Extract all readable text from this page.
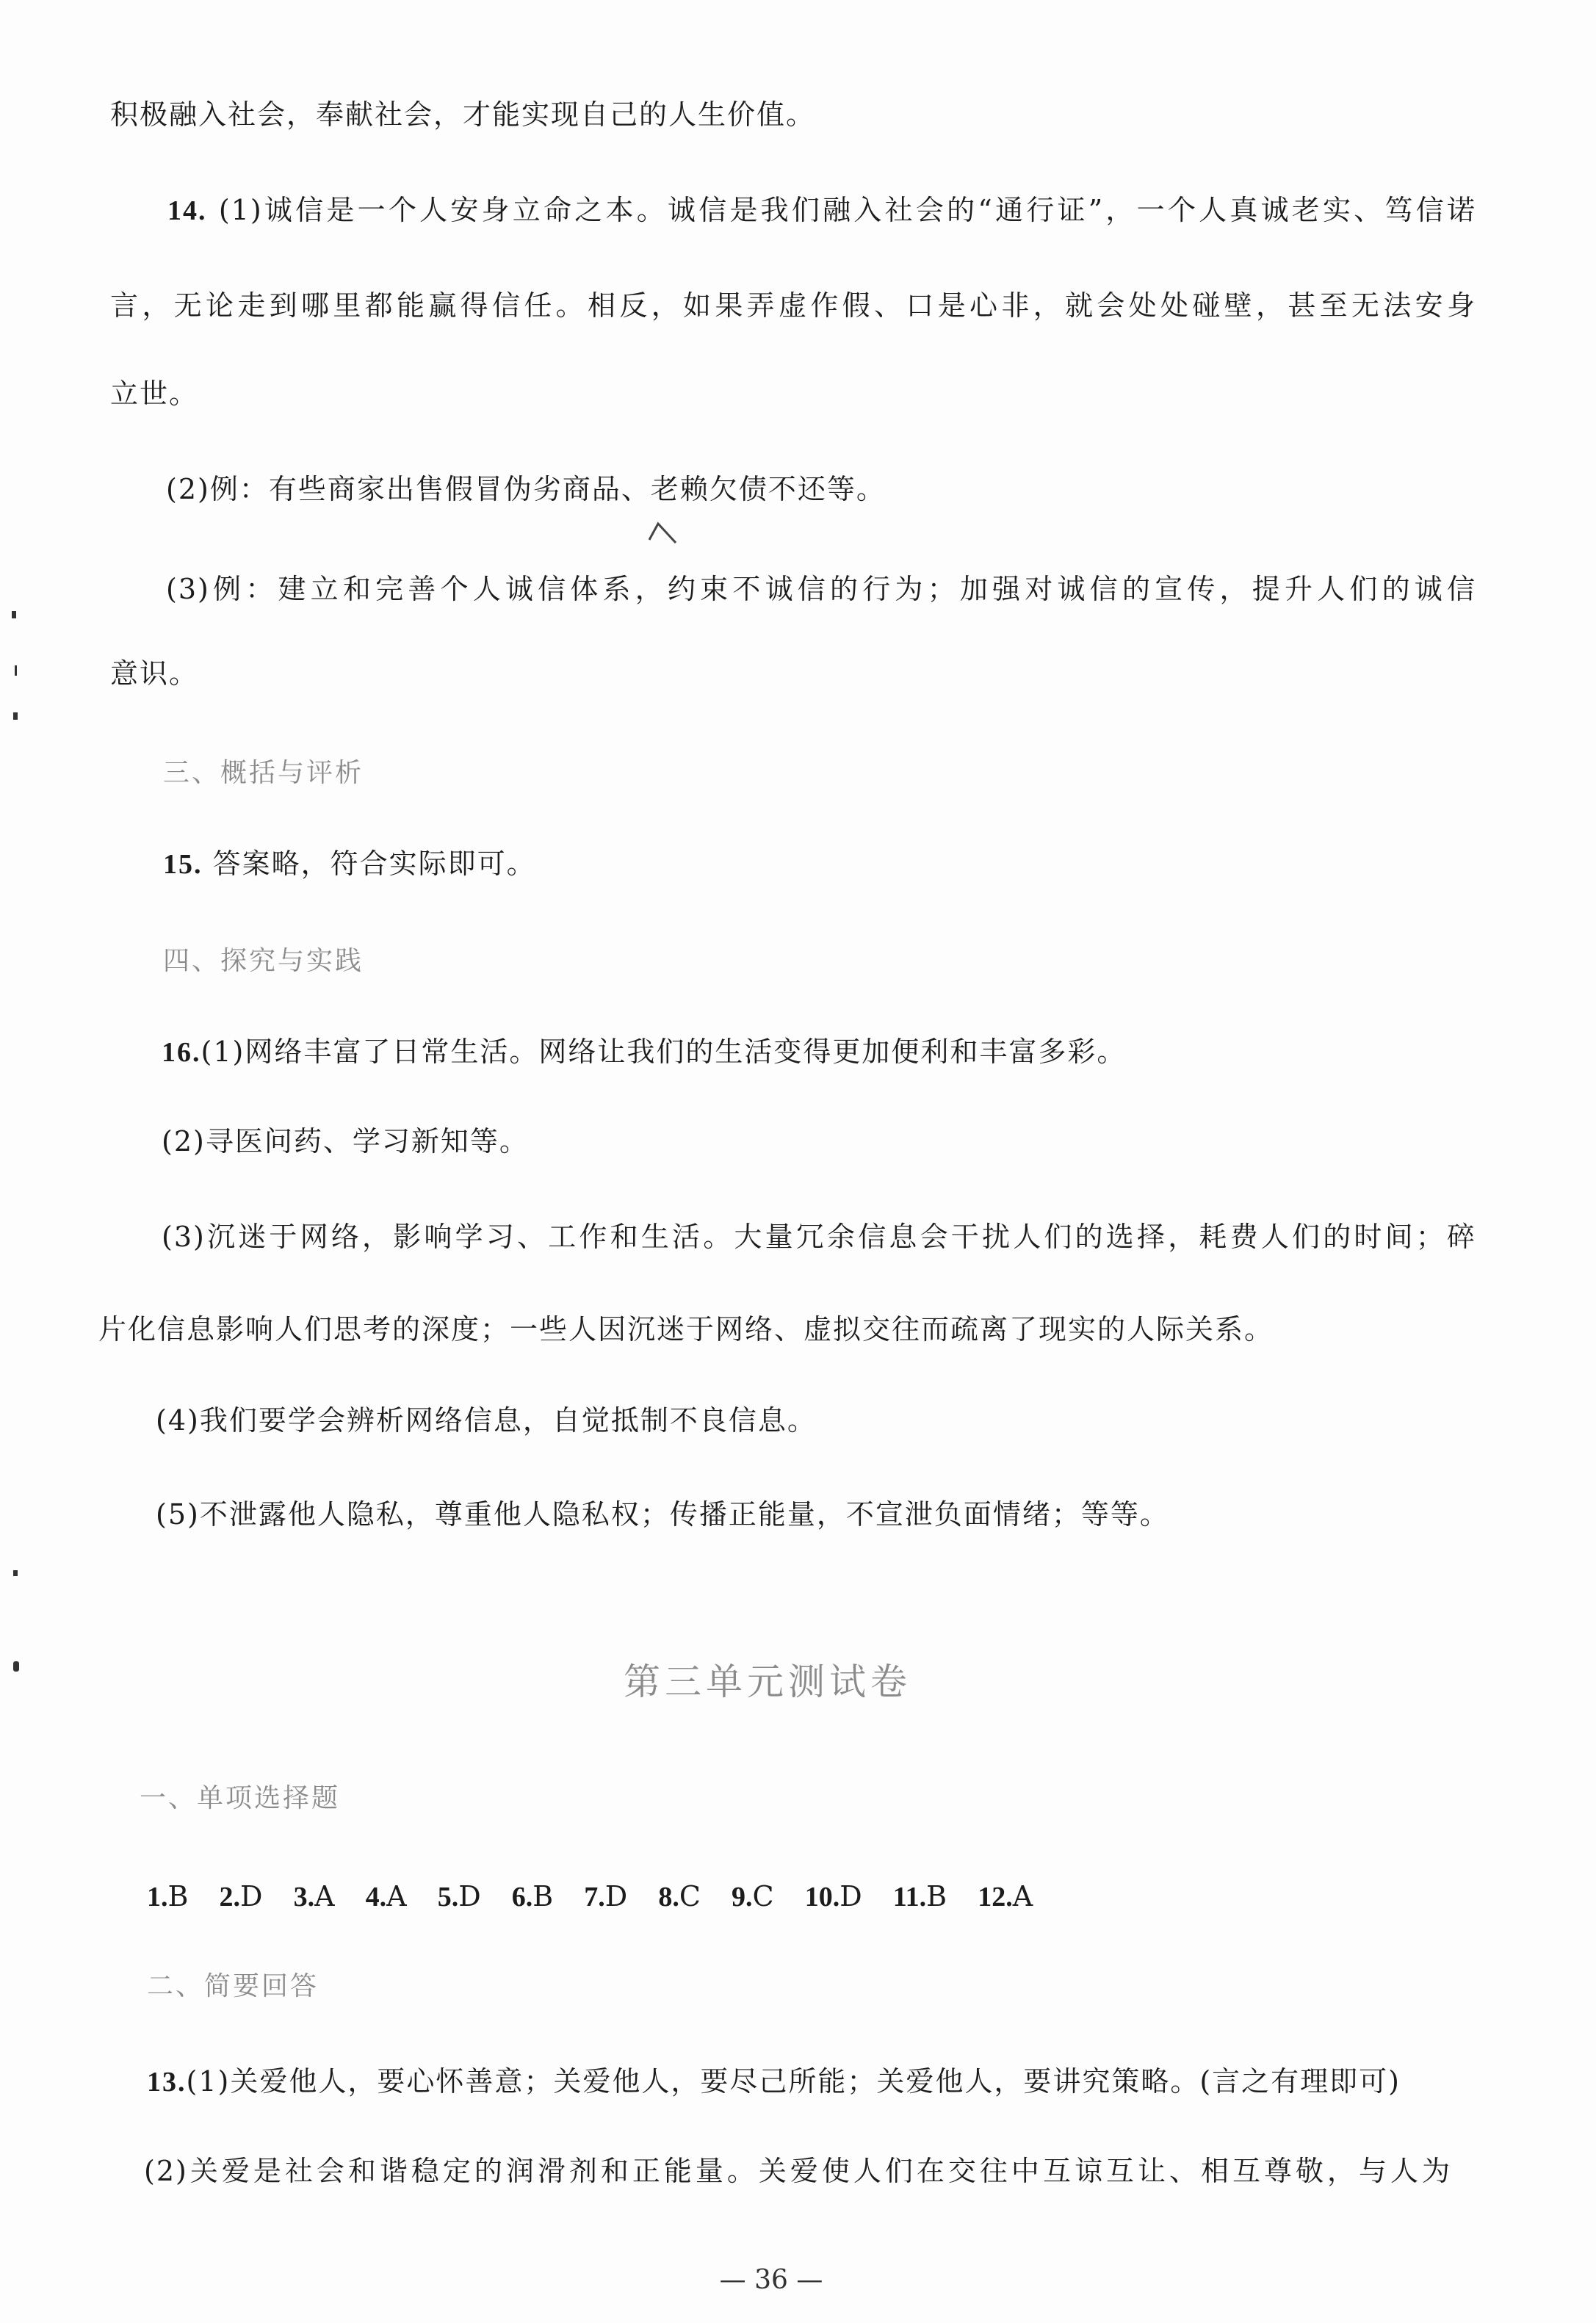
积极融入社会，奉献社会，才能实现自己的人生价值。
14. (1)诚信是一个人安身立命之本。诚信是我们融入社会的“通行证”，一个人真诚老实、笃信诺
言，无论走到哪里都能赢得信任。相反，如果弄虚作假、口是心非，就会处处碰壁，甚至无法安身
立世。
(2)例：有些商家出售假冒伪劣商品、老赖欠债不还等。
(3)例：建立和完善个人诚信体系，约束不诚信的行为；加强对诚信的宣传，提升人们的诚信
意识。
三、概括与评析
15. 答案略，符合实际即可。
四、探究与实践
16.(1)网络丰富了日常生活。网络让我们的生活变得更加便利和丰富多彩。
(2)寻医问药、学习新知等。
(3)沉迷于网络，影响学习、工作和生活。大量冗余信息会干扰人们的选择，耗费人们的时间；碎
片化信息影响人们思考的深度；一些人因沉迷于网络、虚拟交往而疏离了现实的人际关系。
(4)我们要学会辨析网络信息，自觉抵制不良信息。
(5)不泄露他人隐私，尊重他人隐私权；传播正能量，不宣泄负面情绪；等等。
第三单元测试卷
一、单项选择题
1.B 2.D 3.A 4.A 5.D 6.B 7.D 8.C 9.C 10.D 11.B 12.A
二、简要回答
13.(1)关爱他人，要心怀善意；关爱他人，要尽己所能；关爱他人，要讲究策略。(言之有理即可)
(2)关爱是社会和谐稳定的润滑剂和正能量。关爱使人们在交往中互谅互让、相互尊敬，与人为
— 36 —
